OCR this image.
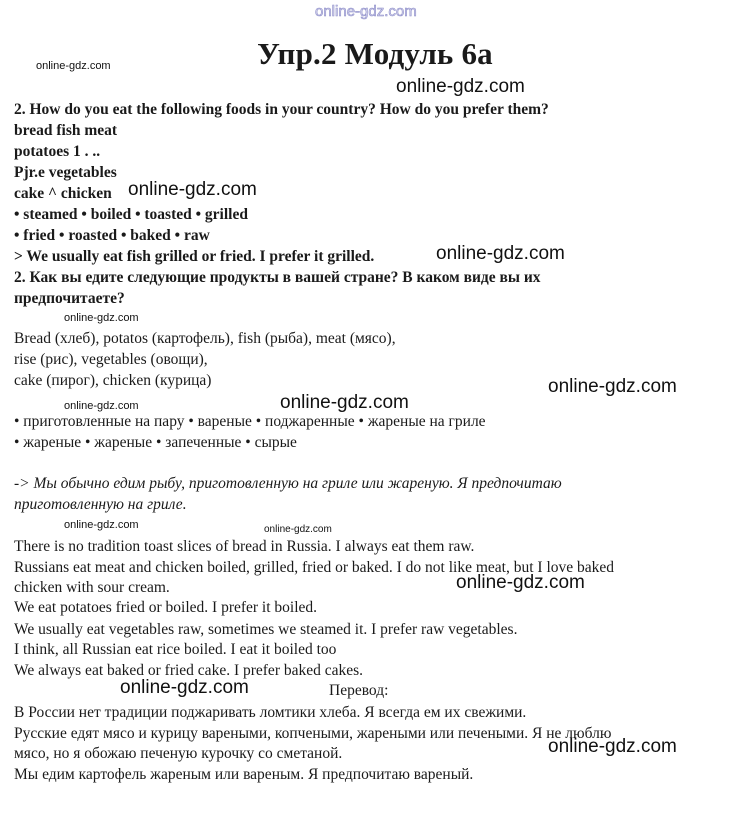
online-gdz.com
Упр.2 Модуль 6а
online-gdz.com
online-gdz.com
2. How do you eat the following foods in your country? How do you prefer them?
bread fish meat
potatoes 1 . ..
Pjr.e vegetables
cake ^ chicken online-gdz.com
• steamed • boiled • toasted • grilled
• fried • roasted • baked • raw
> We usually eat fish grilled or fried. I prefer it grilled.	online-gdz.com
2. Как вы едите следующие продукты в вашей стране? В каком виде вы их
предпочитаете?
online-gdz.com
Bread (хлеб), potatos (картофель), fish (рыба), meat (мясо),
rise (рис), vegetables (овощи),
cake (пирог), chicken (курица)	online-gdz.com
online-gdz.com	online-gdz.com
• приготовленные на пару • вареные • поджаренные • жареные на гриле
• жареные • жареные • запеченные • сырые
-> Мы обычно едим рыбу, приготовленную на гриле или жареную. Я предпочитаю
приготовленную на гриле.
online-gdz.com	online-gdz.com
There is no tradition toast slices of bread in Russia. I always eat them raw.
Russians eat meat and chicken boiled, grilled, fried or baked. I do not like meat, but I love baked
chicken with sour cream.	online-gdz.com
We eat potatoes fried or boiled. I prefer it boiled.
We usually eat vegetables raw, sometimes we steamed it. I prefer raw vegetables.
I think, all Russian eat rice boiled. I eat it boiled too
We always eat baked or fried cake. I prefer baked cakes.
online-gdz.com	Перевод:
В России нет традиции поджаривать ломтики хлеба. Я всегда ем их свежими.
Русские едят мясо и курицу вареными, копчеными, жареными или печеными. Я не люблю
мясо, но я обожаю печеную курочку со сметаной.	online-gdz.com
Мы едим картофель жареным или вареным. Я предпочитаю вареный.
